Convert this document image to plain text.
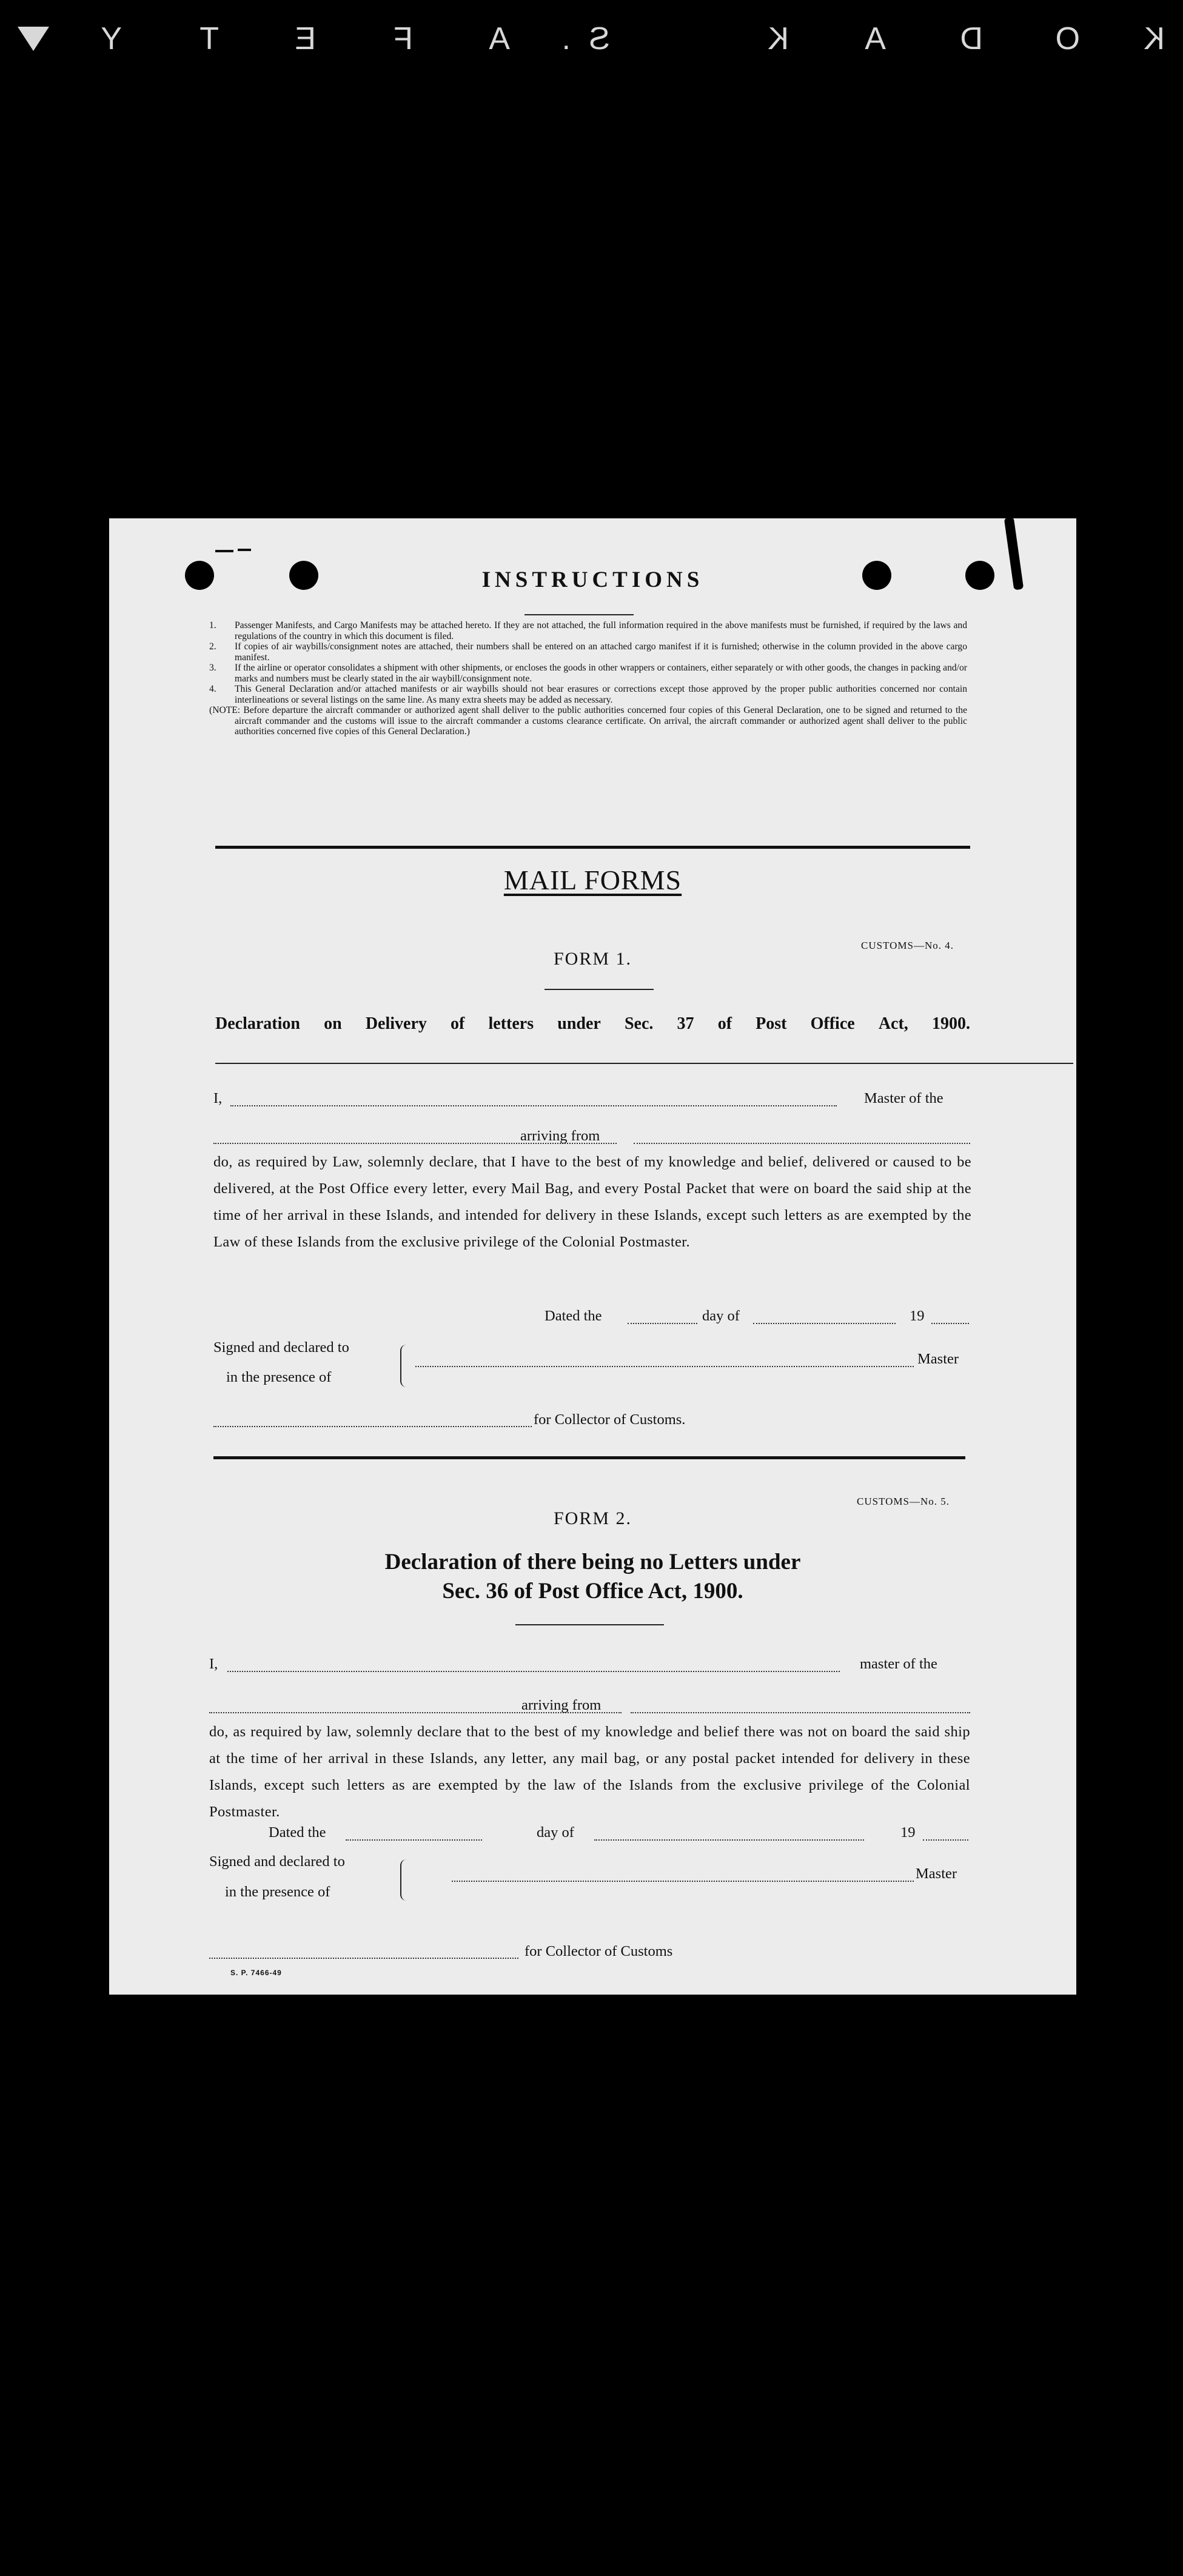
K
O
D
A
K
S
.
A
F
E
T
Y
INSTRUCTIONS
1.	Passenger Manifests, and Cargo Manifests may be attached hereto. If they are not attached, the full information required in the above manifests must be furnished, if required by the laws and regulations of the country in which this document is filed.
2.	If copies of air waybills/consignment notes are attached, their numbers shall be entered on an attached cargo manifest if it is furnished; otherwise in the column provided in the above cargo manifest.
3.	If the airline or operator consolidates a shipment with other shipments, or encloses the goods in other wrappers or containers, either separately or with other goods, the changes in packing and/or marks and numbers must be clearly stated in the air waybill/consignment note.
4.	This General Declaration and/or attached manifests or air waybills should not bear erasures or corrections except those approved by the proper public authorities concerned nor contain interlineations or several listings on the same line. As many extra sheets may be added as necessary.
(NOTE: Before departure the aircraft commander or authorized agent shall deliver to the public authorities concerned four copies of this General Declaration, one to be signed and returned to the aircraft commander and the customs will issue to the aircraft commander a customs clearance certificate. On arrival, the aircraft commander or authorized agent shall deliver to the public authorities concerned five copies of this General Declaration.)
MAIL FORMS
CUSTOMS—No. 4.
FORM 1.
Declaration on Delivery of letters under Sec. 37 of Post Office Act, 1900.
I,	Master of the
arriving from
do, as required by Law, solemnly declare, that I have to the best of my knowledge and belief, delivered or caused to be delivered, at the Post Office every letter, every Mail Bag, and every Postal Packet that were on board the said ship at the time of her arrival in these Islands, and intended for delivery in these Islands, except such letters as are exempted by the Law of these Islands from the exclusive privilege of the Colonial Postmaster.
Dated the	day of	19
Signed and declared to
in the presence of
Master
for Collector of Customs.
CUSTOMS—No. 5.
FORM 2.
Declaration of there being no Letters under
Sec. 36 of Post Office Act, 1900.
I,	master of the
arriving from
do, as required by law, solemnly declare that to the best of my knowledge and belief there was not on board the said ship at the time of her arrival in these Islands, any letter, any mail bag, or any postal packet intended for delivery in these Islands, except such letters as are exempted by the law of the Islands from the exclusive privilege of the Colonial Postmaster.
Dated the	day of	19
Signed and declared to
in the presence of
Master
for Collector of Customs
S. P. 7466-49
